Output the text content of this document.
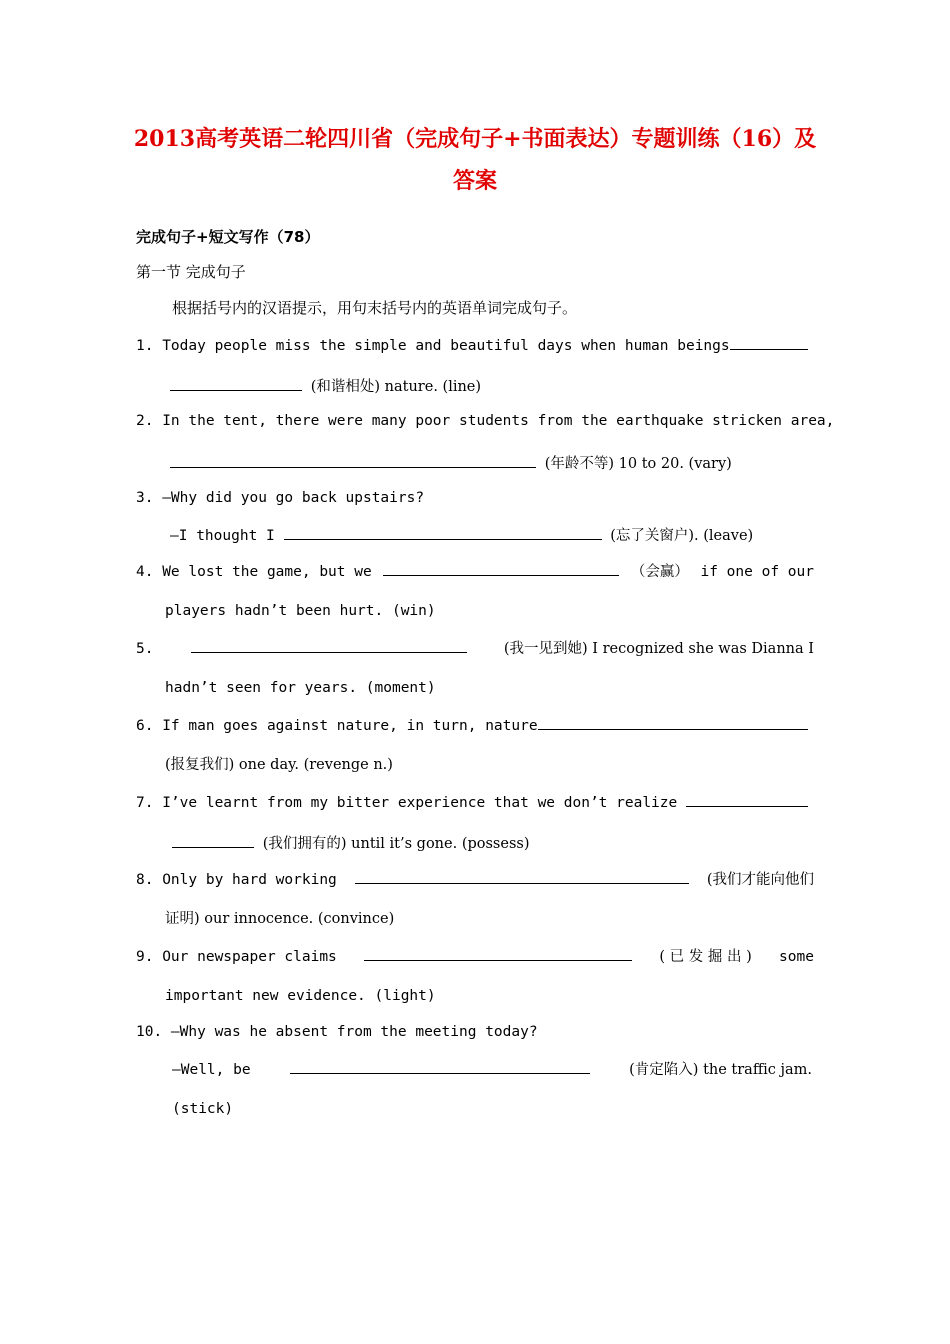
2013高考英语二轮四川省（完成句子+书面表达）专题训练（16）及
答案
完成句子+短文写作（78）
第一节 完成句子
根据括号内的汉语提示，用句末括号内的英语单词完成句子。
1. Today people miss the simple and beautiful days when human beings
(和谐相处) nature. (line)
2. In the tent, there were many poor students from the earthquake stricken area,
(年龄不等) 10 to 20. (vary)
3. —Why did you go back upstairs?
—I thought I	(忘了关窗户). (leave)
4. We lost the game, but we	（会赢） if one of our
players hadn’t been hurt. (win)
5.	(我一见到她) I recognized she was Dianna I
hadn’t seen for years. (moment)
6. If man goes against nature, in turn, nature
(报复我们) one day. (revenge n.)
7. I’ve learnt from my bitter experience that we don’t realize
(我们拥有的) until it’s gone. (possess)
8. Only by hard working	(我们才能向他们
证明) our innocence. (convince)
9. Our newspaper claims	( 已 发 掘 出 ) some
important new evidence. (light)
10. —Why was he absent from the meeting today?
—Well, be	(肯定陷入) the traffic jam.
(stick)
